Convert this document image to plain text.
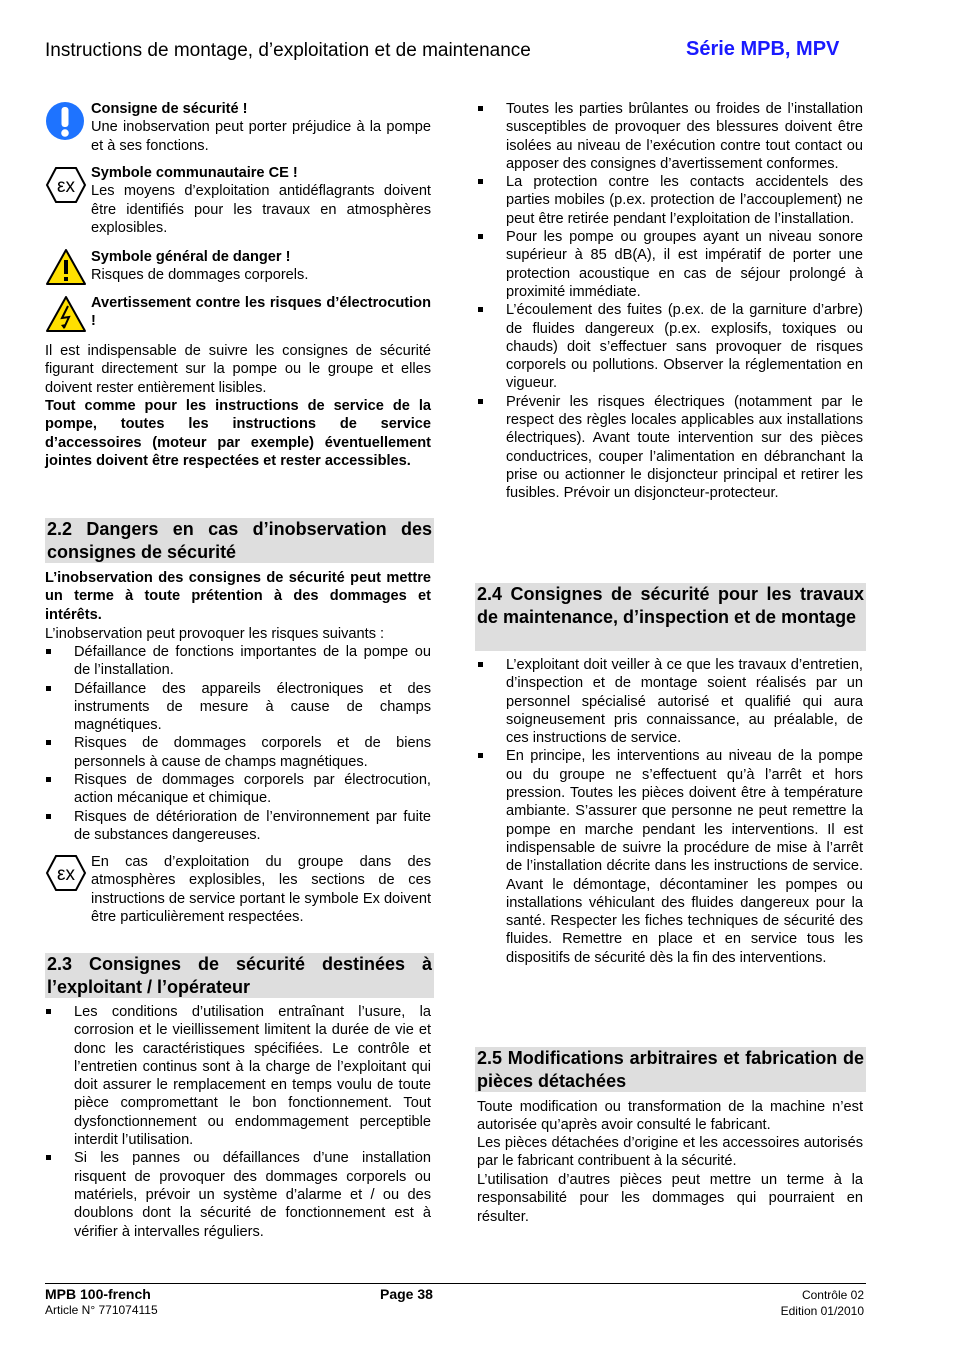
Instructions de montage, d’exploitation et de maintenance	Série MPB, MPV
Consigne de sécurité !
Une inobservation peut porter préjudice à la pompe et à ses fonctions.
εx
Symbole communautaire CE !
Les moyens d’exploitation antidéflagrants doivent être identifiés pour les travaux en atmosphères explosibles.
Symbole général de danger !
Risques de dommages corporels.
Avertissement contre les risques d’électrocution !
Il est indispensable de suivre les consignes de sécurité figurant directement sur la pompe ou le groupe et elles doivent rester entièrement lisibles.
Tout comme pour les instructions de service de la pompe, toutes les instructions de service d’accessoires (moteur par exemple) éventuellement jointes doivent être respectées et rester accessibles.
2.2 Dangers en cas d’inobservation des consignes de sécurité
L’inobservation des consignes de sécurité peut mettre un terme à toute prétention à des dommages et intérêts.
L’inobservation peut provoquer les risques suivants :
Défaillance de fonctions importantes de la pompe ou de l’installation.
Défaillance des appareils électroniques et des instruments de mesure à cause de champs magnétiques.
Risques de dommages corporels et de biens personnels à cause de champs magnétiques.
Risques de dommages corporels par électrocution, action mécanique et chimique.
Risques de détérioration de l’environnement par fuite de substances dangereuses.
εx
En cas d’exploitation du groupe dans des atmosphères explosibles, les sections de ces instructions de service portant le symbole Ex doivent être particulièrement respectées.
2.3 Consignes de sécurité destinées à l’exploitant / l’opérateur
Les conditions d’utilisation entraînant l’usure, la corrosion et le vieillissement limitent la durée de vie et donc les caractéristiques spécifiées. Le contrôle et l’entretien continus sont à la charge de l’exploitant qui doit assurer le remplacement en temps voulu de toute pièce compromettant le bon fonctionnement. Tout dysfonctionnement ou endommagement perceptible interdit l’utilisation.
Si les pannes ou défaillances d’une installation risquent de provoquer des dommages corporels ou matériels, prévoir un système d’alarme et / ou des doublons dont la sécurité de fonctionnement est à vérifier à intervalles réguliers.
Toutes les parties brûlantes ou froides de l’installation susceptibles de provoquer des blessures doivent être isolées au niveau de l’exécution contre tout contact ou apposer des consignes d’avertissement conformes.
La protection contre les contacts accidentels des parties mobiles (p.ex. protection de l’accouplement) ne peut être retirée pendant l’exploitation de l’installation.
Pour les pompe ou groupes ayant un niveau sonore supérieur à 85 dB(A), il est impératif de porter une protection acoustique en cas de séjour prolongé à proximité immédiate.
L’écoulement des fuites (p.ex. de la garniture d’arbre) de fluides dangereux (p.ex. explosifs, toxiques ou chauds) doit s’effectuer sans provoquer de risques corporels ou pollutions. Observer la réglementation en vigueur.
Prévenir les risques électriques (notamment par le respect des règles locales applicables aux installations électriques). Avant toute intervention sur des pièces conductrices, couper l’alimentation en débranchant la prise ou actionner le disjoncteur principal et retirer les fusibles. Prévoir un disjoncteur-protecteur.
2.4 Consignes de sécurité pour les travaux de maintenance, d’inspection et de montage
L’exploitant doit veiller à ce que les travaux d’entretien, d’inspection et de montage soient réalisés par un personnel spécialisé autorisé et qualifié qui aura soigneusement pris connaissance, au préalable, de ces instructions de service.
En principe, les interventions au niveau de la pompe ou du groupe ne s’effectuent qu’à l’arrêt et hors pression. Toutes les pièces doivent être à température ambiante. S’assurer que personne ne peut remettre la pompe en marche pendant les interventions. Il est indispensable de suivre la procédure de mise à l’arrêt de l’installation décrite dans les instructions de service. Avant le démontage, décontaminer les pompes ou installations véhiculant des fluides dangereux pour la santé. Respecter les fiches techniques de sécurité des fluides. Remettre en place et en service tous les dispositifs de sécurité dès la fin des interventions.
2.5 Modifications arbitraires et fabrication de pièces détachées
Toute modification ou transformation de la machine n’est autorisée qu’après avoir consulté le fabricant.
Les pièces détachées d’origine et les accessoires autorisés par le fabricant contribuent à la sécurité.
L’utilisation d’autres pièces peut mettre un terme à la responsabilité pour les dommages qui pourraient en résulter.
MPB 100-french
Article N° 771074115
Page 38	Contrôle 02
Edition 01/2010
